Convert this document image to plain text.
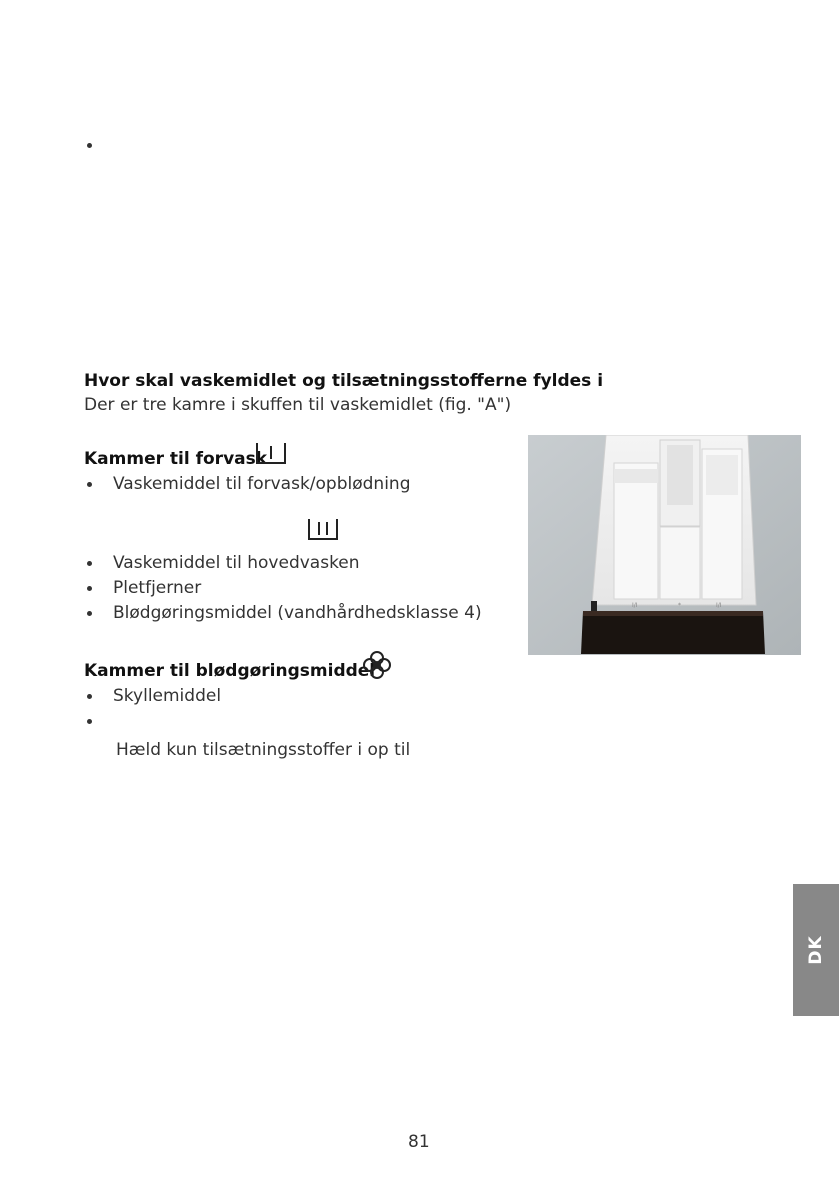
Hvor skal vaskemidlet og tilsætningsstofferne fyldes i
Der er tre kamre i skuffen til vaskemidlet (fig. "A")
Kammer til forvask
Vaskemiddel til forvask/opblødning
Vaskemiddel til hovedvasken
Pletfjerner
Blødgøringsmiddel (vandhårdhedsklasse 4)
Kammer til blødgøringsmiddel
Skyllemiddel
Hæld kun tilsætningsstoffer i op til
I/I	*	I/I
DK
81
